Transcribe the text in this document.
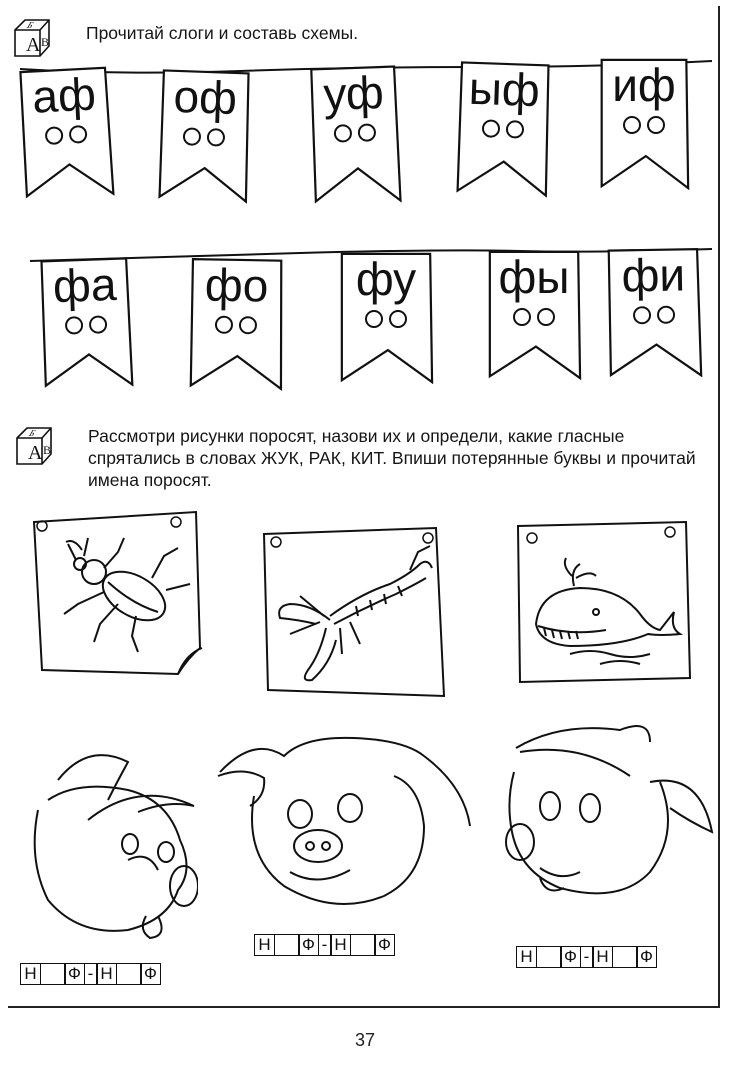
А
Б
В Прочитай слоги и составь схемы.
аф	оф	уф	ыф	иф
фа	фо	фу	фы	фи
А
Б
В
Рассмотри рисунки поросят, назови их и определи, какие гласные спрятались в словах ЖУК, РАК, КИТ. Впиши потерянные буквы и прочитай имена поросят.
Н Ф - Н Ф
Н Ф - Н Ф
Н Ф - Н Ф
37
